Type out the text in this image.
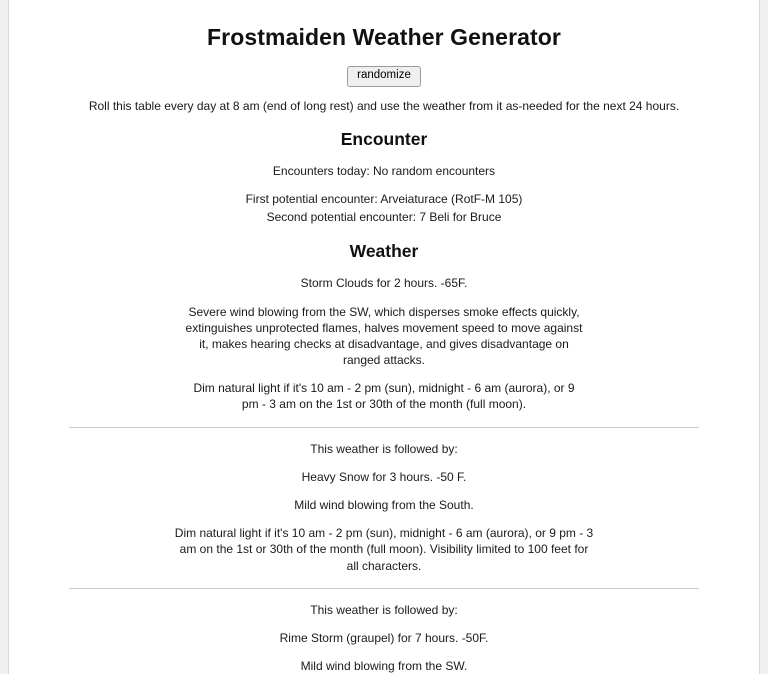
Frostmaiden Weather Generator
randomize

Roll this table every day at 8 am (end of long rest) and use the weather from it as-needed for the next 24 hours.

Encounter

Encounters today: No random encounters

First potential encounter: Arveiaturace (RotF-M 105)

Second potential encounter: 7 Beli for Bruce

Weather

Storm Clouds for 2 hours. -65F.

Severe wind blowing from the SW, which disperses smoke effects quickly, extinguishes unprotected flames, halves movement speed to move against it, makes hearing checks at disadvantage, and gives disadvantage on ranged attacks.

Dim natural light if it's 10 am - 2 pm (sun), midnight - 6 am (aurora), or 9 pm - 3 am on the 1st or 30th of the month (full moon).

This weather is followed by:

Heavy Snow for 3 hours. -50 F.

Mild wind blowing from the South.

Dim natural light if it's 10 am - 2 pm (sun), midnight - 6 am (aurora), or 9 pm - 3 am on the 1st or 30th of the month (full moon). Visibility limited to 100 feet for all characters.

This weather is followed by:

Rime Storm (graupel) for 7 hours. -50F.

Mild wind blowing from the SW.
